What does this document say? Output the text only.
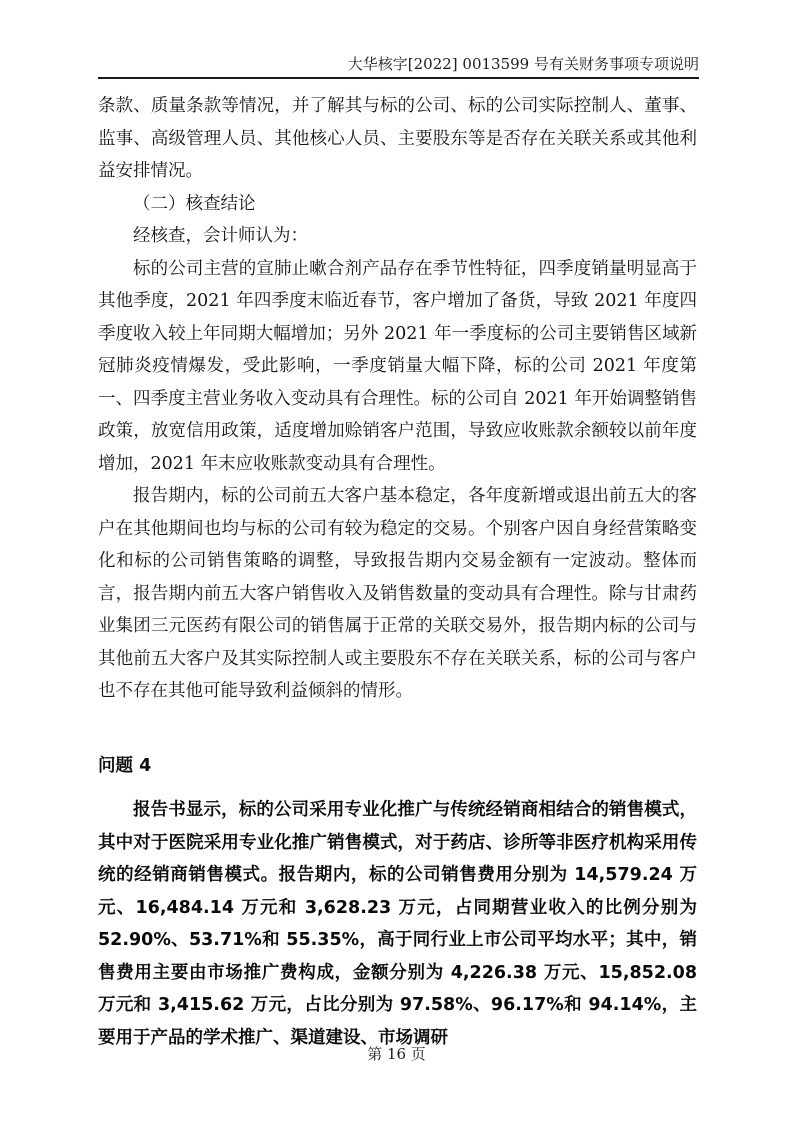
大华核字[2022] 0013599 号有关财务事项专项说明

条款、质量条款等情况，并了解其与标的公司、标的公司实际控制人、董事、监事、高级管理人员、其他核心人员、主要股东等是否存在关联关系或其他利益安排情况。

（二）核查结论

经核查，会计师认为：

标的公司主营的宣肺止嗽合剂产品存在季节性特征，四季度销量明显高于其他季度，2021 年四季度末临近春节，客户增加了备货，导致 2021 年度四季度收入较上年同期大幅增加；另外 2021 年一季度标的公司主要销售区域新冠肺炎疫情爆发，受此影响，一季度销量大幅下降，标的公司 2021 年度第一、四季度主营业务收入变动具有合理性。标的公司自 2021 年开始调整销售政策，放宽信用政策，适度增加赊销客户范围，导致应收账款余额较以前年度增加，2021 年末应收账款变动具有合理性。

报告期内，标的公司前五大客户基本稳定，各年度新增或退出前五大的客户在其他期间也均与标的公司有较为稳定的交易。个别客户因自身经营策略变化和标的公司销售策略的调整，导致报告期内交易金额有一定波动。整体而言，报告期内前五大客户销售收入及销售数量的变动具有合理性。除与甘肃药业集团三元医药有限公司的销售属于正常的关联交易外，报告期内标的公司与其他前五大客户及其实际控制人或主要股东不存在关联关系，标的公司与客户也不存在其他可能导致利益倾斜的情形。

问题 4

报告书显示，标的公司采用专业化推广与传统经销商相结合的销售模式，其中对于医院采用专业化推广销售模式，对于药店、诊所等非医疗机构采用传统的经销商销售模式。报告期内，标的公司销售费用分别为 14,579.24 万元、16,484.14 万元和 3,628.23 万元，占同期营业收入的比例分别为 52.90%、53.71%和 55.35%，高于同行业上市公司平均水平；其中，销售费用主要由市场推广费构成，金额分别为 4,226.38 万元、15,852.08 万元和 3,415.62 万元，占比分别为 97.58%、96.17%和 94.14%，主要用于产品的学术推广、渠道建设、市场调研

第 16 页
